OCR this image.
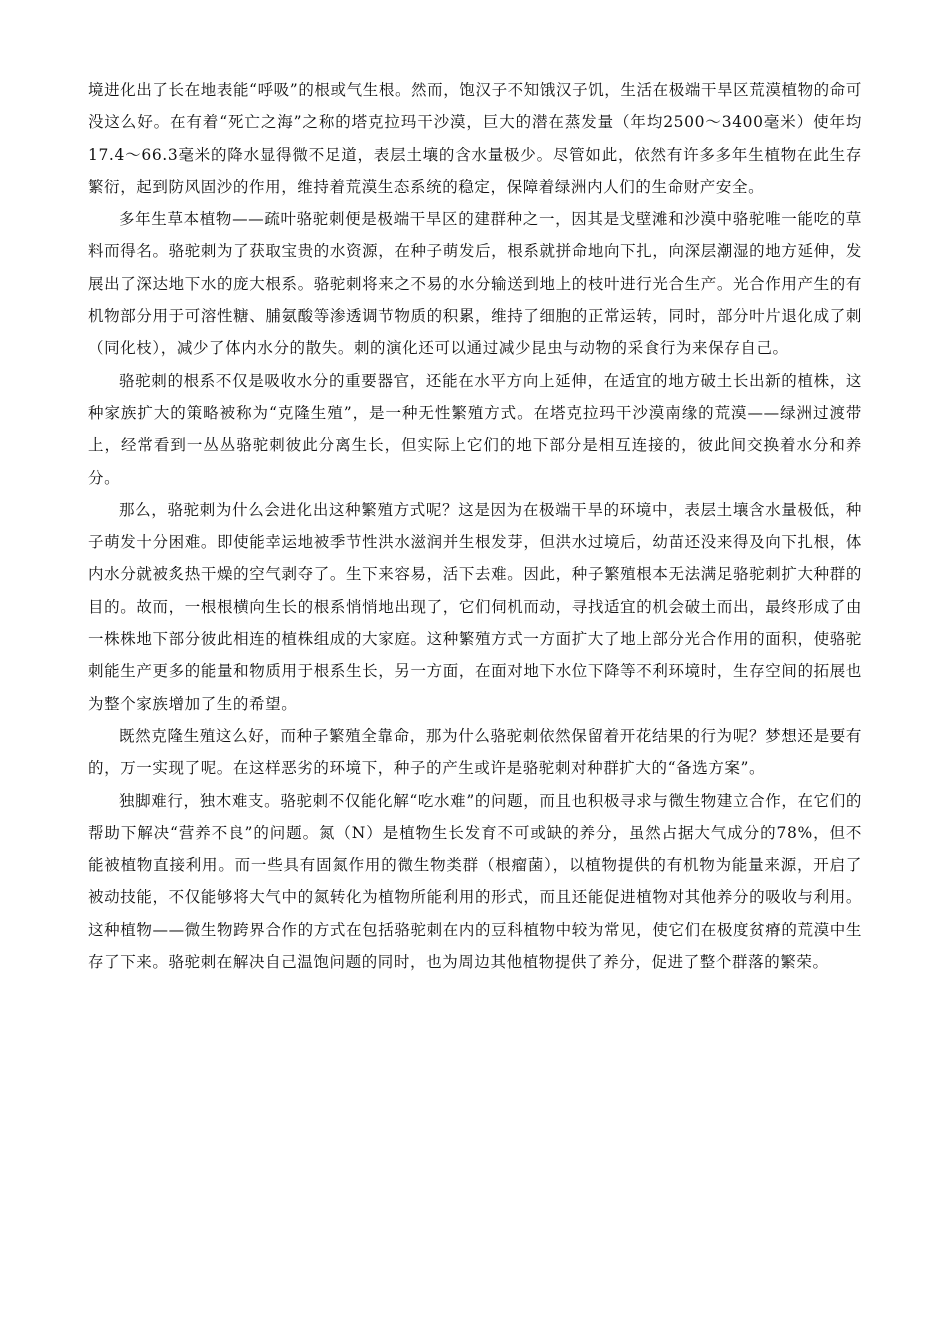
境进化出了长在地表能“呼吸”的根或气生根。然而，饱汉子不知饿汉子饥，生活在极端干旱区荒漠植物的命可没这么好。在有着“死亡之海”之称的塔克拉玛干沙漠，巨大的潜在蒸发量（年均2500～3400毫米）使年均17.4～66.3毫米的降水显得微不足道，表层土壤的含水量极少。尽管如此，依然有许多多年生植物在此生存繁衍，起到防风固沙的作用，维持着荒漠生态系统的稳定，保障着绿洲内人们的生命财产安全。

多年生草本植物——疏叶骆驼刺便是极端干旱区的建群种之一，因其是戈壁滩和沙漠中骆驼唯一能吃的草料而得名。骆驼刺为了获取宝贵的水资源，在种子萌发后，根系就拼命地向下扎，向深层潮湿的地方延伸，发展出了深达地下水的庞大根系。骆驼刺将来之不易的水分输送到地上的枝叶进行光合生产。光合作用产生的有机物部分用于可溶性糖、脯氨酸等渗透调节物质的积累，维持了细胞的正常运转，同时，部分叶片退化成了刺（同化枝），减少了体内水分的散失。刺的演化还可以通过减少昆虫与动物的采食行为来保存自己。

骆驼刺的根系不仅是吸收水分的重要器官，还能在水平方向上延伸，在适宜的地方破土长出新的植株，这种家族扩大的策略被称为“克隆生殖”，是一种无性繁殖方式。在塔克拉玛干沙漠南缘的荒漠——绿洲过渡带上，经常看到一丛丛骆驼刺彼此分离生长，但实际上它们的地下部分是相互连接的，彼此间交换着水分和养分。

那么，骆驼刺为什么会进化出这种繁殖方式呢？这是因为在极端干旱的环境中，表层土壤含水量极低，种子萌发十分困难。即使能幸运地被季节性洪水滋润并生根发芽，但洪水过境后，幼苗还没来得及向下扎根，体内水分就被炙热干燥的空气剥夺了。生下来容易，活下去难。因此，种子繁殖根本无法满足骆驼刺扩大种群的目的。故而，一根根横向生长的根系悄悄地出现了，它们伺机而动，寻找适宜的机会破土而出，最终形成了由一株株地下部分彼此相连的植株组成的大家庭。这种繁殖方式一方面扩大了地上部分光合作用的面积，使骆驼刺能生产更多的能量和物质用于根系生长，另一方面，在面对地下水位下降等不利环境时，生存空间的拓展也为整个家族增加了生的希望。

既然克隆生殖这么好，而种子繁殖全靠命，那为什么骆驼刺依然保留着开花结果的行为呢？梦想还是要有的，万一实现了呢。在这样恶劣的环境下，种子的产生或许是骆驼刺对种群扩大的“备选方案”。

独脚难行，独木难支。骆驼刺不仅能化解“吃水难”的问题，而且也积极寻求与微生物建立合作，在它们的帮助下解决“营养不良”的问题。氮（N）是植物生长发育不可或缺的养分，虽然占据大气成分的78%，但不能被植物直接利用。而一些具有固氮作用的微生物类群（根瘤菌），以植物提供的有机物为能量来源，开启了被动技能，不仅能够将大气中的氮转化为植物所能利用的形式，而且还能促进植物对其他养分的吸收与利用。这种植物——微生物跨界合作的方式在包括骆驼刺在内的豆科植物中较为常见，使它们在极度贫瘠的荒漠中生存了下来。骆驼刺在解决自己温饱问题的同时，也为周边其他植物提供了养分，促进了整个群落的繁荣。
